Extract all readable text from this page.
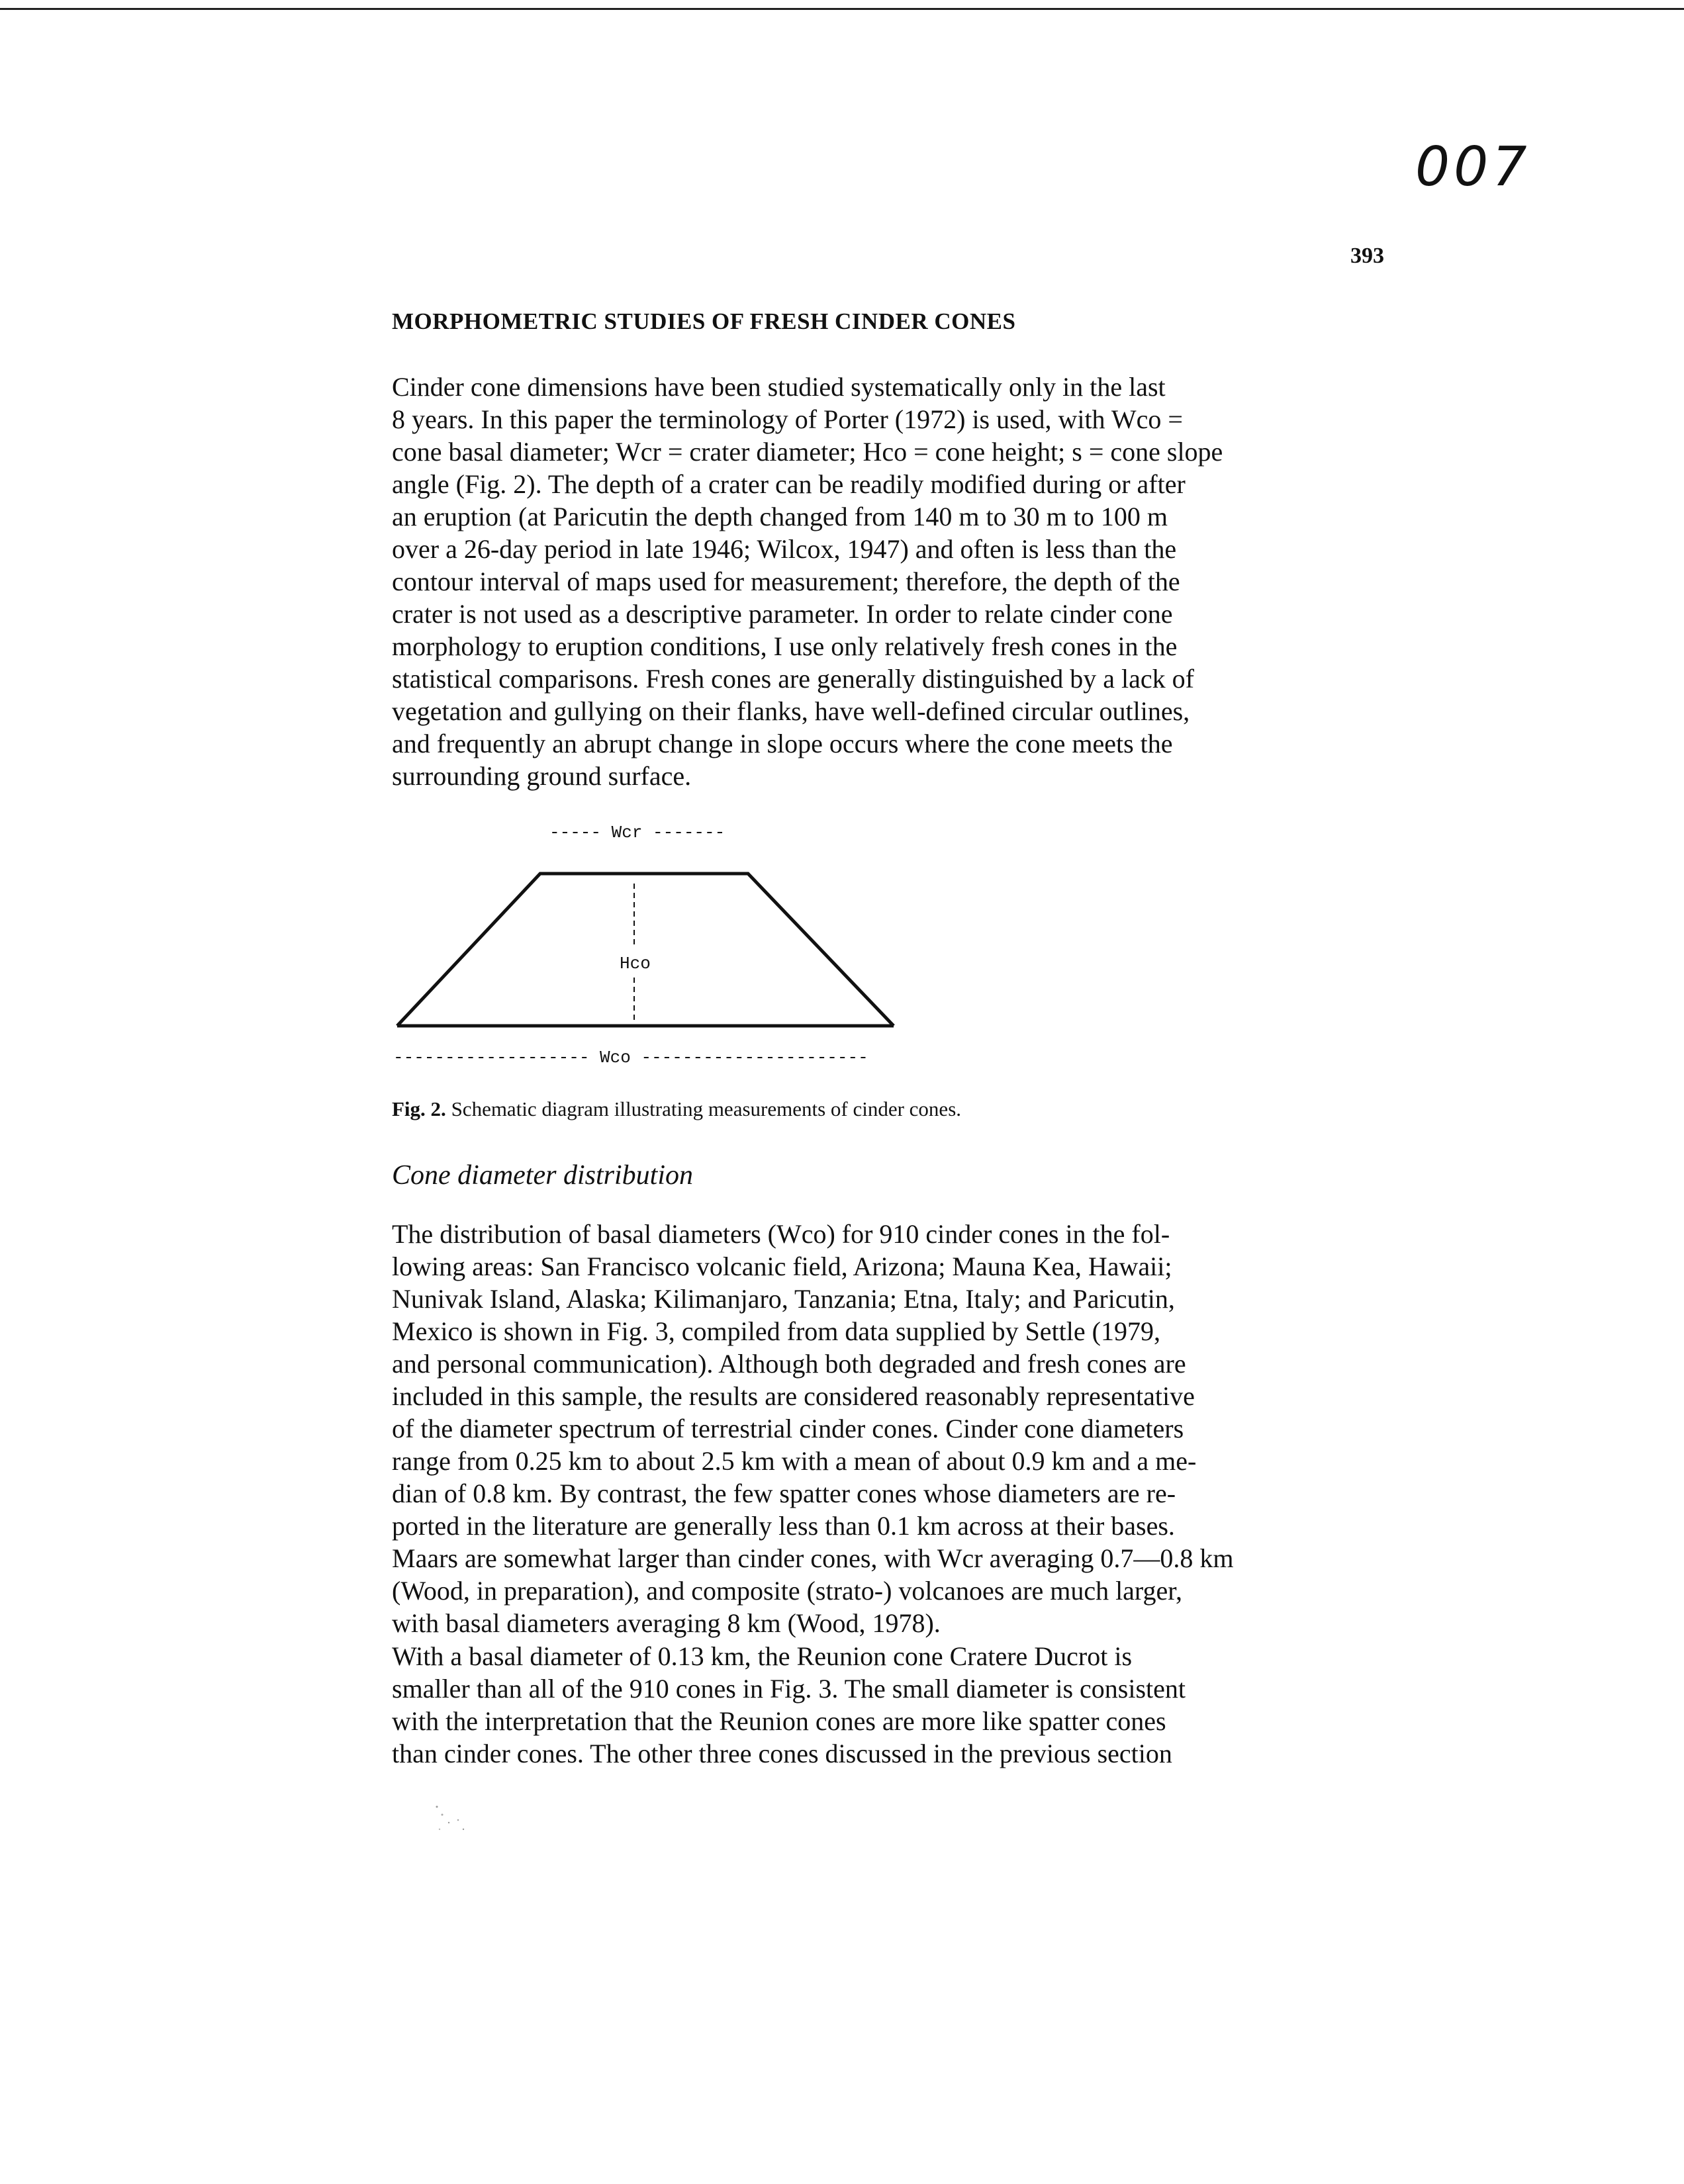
007
393
MORPHOMETRIC STUDIES OF FRESH CINDER CONES

Cinder cone dimensions have been studied systematically only in the last
8 years. In this paper the terminology of Porter (1972) is used, with Wco =
cone basal diameter; Wcr = crater diameter; Hco = cone height; s = cone slope
angle (Fig. 2). The depth of a crater can be readily modified during or after
an eruption (at Paricutin the depth changed from 140 m to 30 m to 100 m
over a 26-day period in late 1946; Wilcox, 1947) and often is less than the
contour interval of maps used for measurement; therefore, the depth of the
crater is not used as a descriptive parameter. In order to relate cinder cone
morphology to eruption conditions, I use only relatively fresh cones in the
statistical comparisons. Fresh cones are generally distinguished by a lack of
vegetation and gullying on their flanks, have well-defined circular outlines,
and frequently an abrupt change in slope occurs where the cone meets the
surrounding ground surface.

----- Wcr -------
Hco
------------------- Wco ----------------------
Fig. 2. Schematic diagram illustrating measurements of cinder cones.
Cone diameter distribution

The distribution of basal diameters (Wco) for 910 cinder cones in the fol-
lowing areas: San Francisco volcanic field, Arizona; Mauna Kea, Hawaii;
Nunivak Island, Alaska; Kilimanjaro, Tanzania; Etna, Italy; and Paricutin,
Mexico is shown in Fig. 3, compiled from data supplied by Settle (1979,
and personal communication). Although both degraded and fresh cones are
included in this sample, the results are considered reasonably representative
of the diameter spectrum of terrestrial cinder cones. Cinder cone diameters
range from 0.25 km to about 2.5 km with a mean of about 0.9 km and a me-
dian of 0.8 km. By contrast, the few spatter cones whose diameters are re-
ported in the literature are generally less than 0.1 km across at their bases.
Maars are somewhat larger than cinder cones, with Wcr averaging 0.7—0.8 km
(Wood, in preparation), and composite (strato-) volcanoes are much larger,
with basal diameters averaging 8 km (Wood, 1978).

With a basal diameter of 0.13 km, the Reunion cone Cratere Ducrot is
smaller than all of the 910 cones in Fig. 3. The small diameter is consistent
with the interpretation that the Reunion cones are more like spatter cones
than cinder cones. The other three cones discussed in the previous section
